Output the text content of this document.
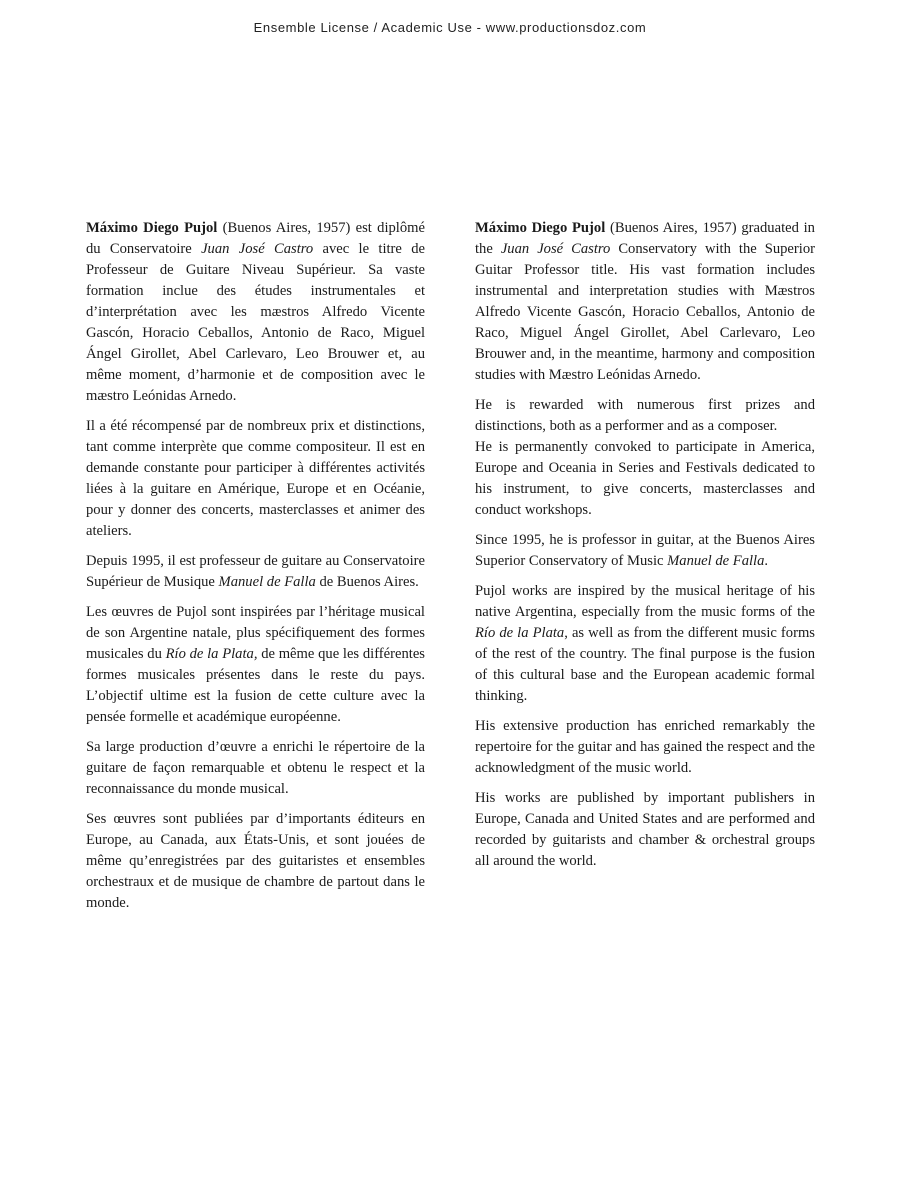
Ensemble License / Academic Use - www.productionsdoz.com

Máximo Diego Pujol (Buenos Aires, 1957) est diplômé du Conservatoire Juan José Castro avec le titre de Professeur de Guitare Niveau Supérieur. Sa vaste formation inclue des études instrumentales et d’interprétation avec les mæstros Alfredo Vicente Gascón, Horacio Ceballos, Antonio de Raco, Miguel Ángel Girollet, Abel Carlevaro, Leo Brouwer et, au même moment, d’harmonie et de composition avec le mæstro Leónidas Arnedo.

Il a été récompensé par de nombreux prix et distinctions, tant comme interprète que comme compositeur. Il est en demande constante pour participer à différentes activités liées à la guitare en Amérique, Europe et en Océanie, pour y donner des concerts, masterclasses et animer des ateliers.

Depuis 1995, il est professeur de guitare au Conservatoire Supérieur de Musique Manuel de Falla de Buenos Aires.

Les œuvres de Pujol sont inspirées par l’héritage musical de son Argentine natale, plus spécifiquement des formes musicales du Río de la Plata, de même que les différentes formes musicales présentes dans le reste du pays. L’objectif ultime est la fusion de cette culture avec la pensée formelle et académique européenne.

Sa large production d’œuvre a enrichi le répertoire de la guitare de façon remarquable et obtenu le respect et la reconnaissance du monde musical.

Ses œuvres sont publiées par d’importants éditeurs en Europe, au Canada, aux États-Unis, et sont jouées de même qu’enregistrées par des guitaristes et ensembles orchestraux et de musique de chambre de partout dans le monde.

Máximo Diego Pujol (Buenos Aires, 1957) graduated in the Juan José Castro Conservatory with the Superior Guitar Professor title. His vast formation includes instrumental and interpretation studies with Mæstros Alfredo Vicente Gascón, Horacio Ceballos, Antonio de Raco, Miguel Ángel Girollet, Abel Carlevaro, Leo Brouwer and, in the meantime, harmony and composition studies with Mæstro Leónidas Arnedo.

He is rewarded with numerous first prizes and distinctions, both as a performer and as a composer.
He is permanently convoked to participate in America, Europe and Oceania in Series and Festivals dedicated to his instrument, to give concerts, masterclasses and conduct workshops.

Since 1995, he is professor in guitar, at the Buenos Aires Superior Conservatory of Music Manuel de Falla.

Pujol works are inspired by the musical heritage of his native Argentina, especially from the music forms of the Río de la Plata, as well as from the different music forms of the rest of the country. The final purpose is the fusion of this cultural base and the European academic formal thinking.

His extensive production has enriched remarkably the repertoire for the guitar and has gained the respect and the acknowledgment of the music world.

His works are published by important publishers in Europe, Canada and United States and are performed and recorded by guitarists and chamber & orchestral groups all around the world.
